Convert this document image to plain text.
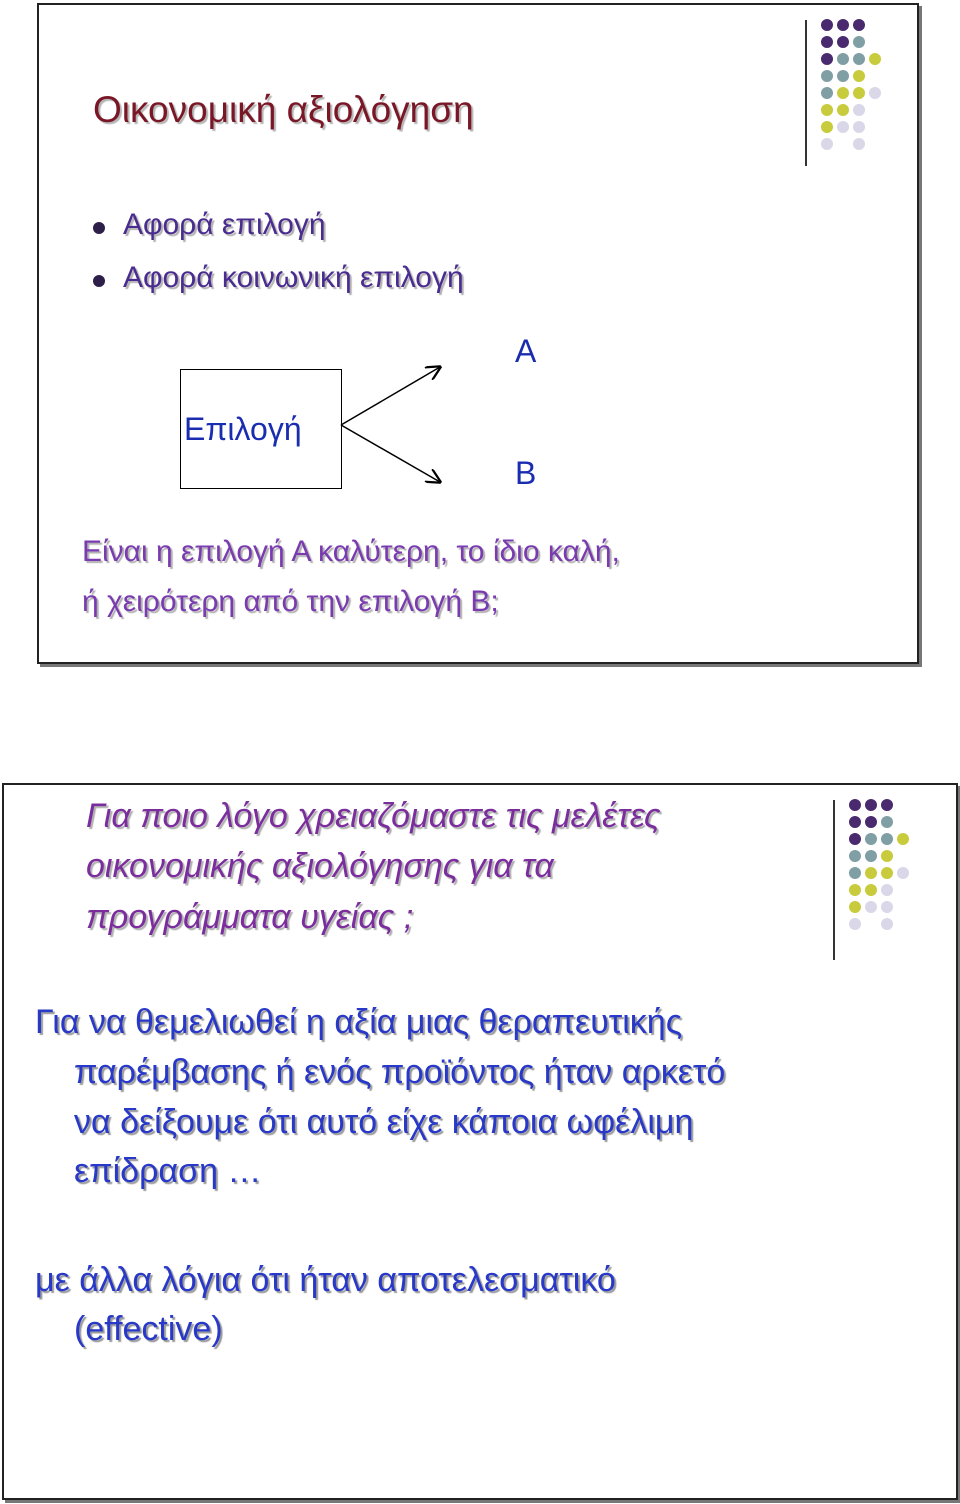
Οικονομική αξιολόγηση
Αφορά επιλογή
Αφορά κοινωνική επιλογή
Επιλογή
A
B
Είναι η επιλογή Α καλύτερη, το ίδιο καλή,
ή χειρότερη από την επιλογή Β;
Για ποιο λόγο χρειαζόμαστε τις μελέτες
οικονομικής αξιολόγησης για τα
προγράμματα υγείας ;
Για να θεμελιωθεί η αξία μιας θεραπευτικής
παρέμβασης ή ενός προϊόντος ήταν αρκετό
να δείξουμε ότι αυτό είχε κάποια ωφέλιμη
επίδραση …
με άλλα λόγια ότι ήταν αποτελεσματικό
(effective)
